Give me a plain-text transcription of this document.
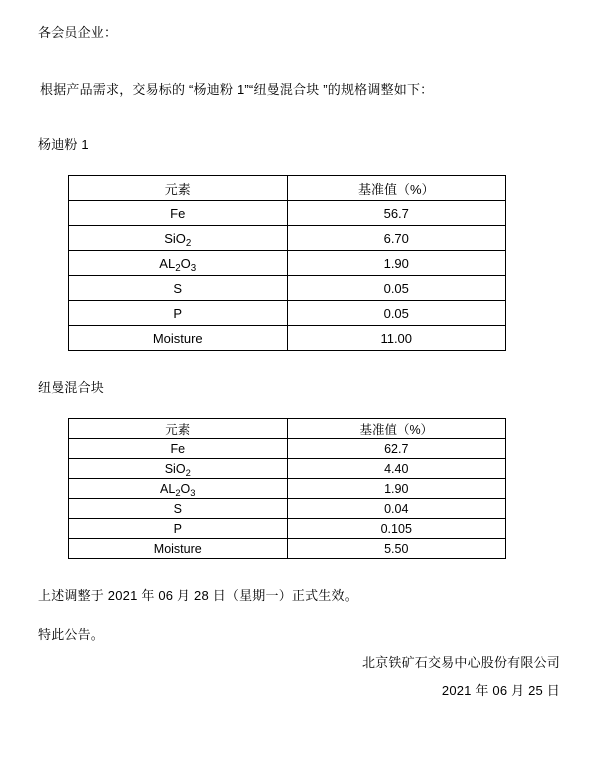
各会员企业：
根据产品需求，交易标的 “杨迪粉 1”“纽曼混合块 ”的规格调整如下：
杨迪粉 1
元素	基准值（%）
Fe	56.7
SiO$_2$	6.70
$AL_2O_3$	1.90
S	0.05
P	0.05
Moisture	11.00
纽曼混合块
元素	基准值（%）
Fe	62.7
SiO$_2$	4.40
$AL_2O_3$	1.90
S	0.04
P	0.105
Moisture	5.50
上述调整于 2021 年 06 月 28 日（星期一）正式生效。
特此公告。
北京铁矿石交易中心股份有限公司
2021 年 06 月 25 日
